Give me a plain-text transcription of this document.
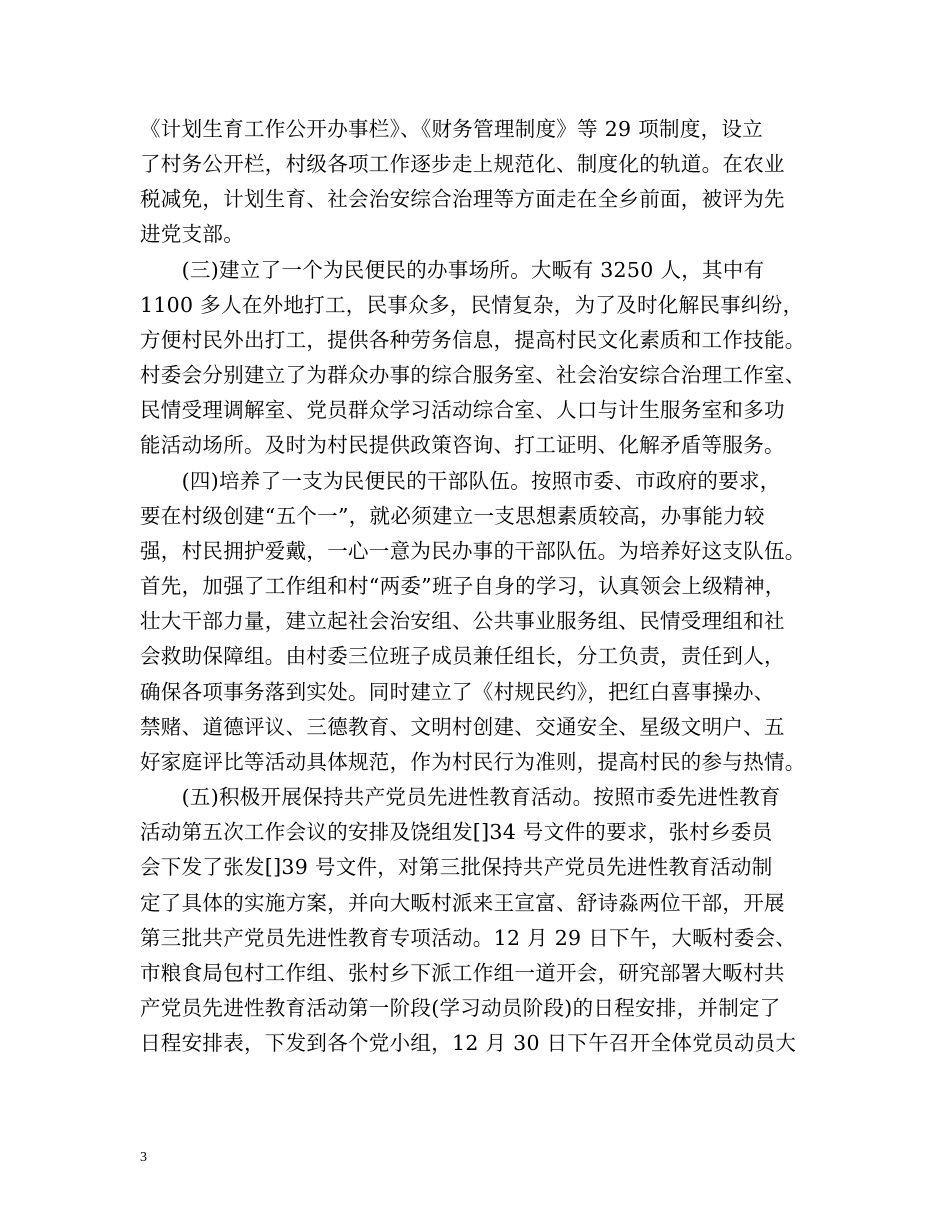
《计划生育工作公开办事栏》、《财务管理制度》等 29 项制度，设立
了村务公开栏，村级各项工作逐步走上规范化、制度化的轨道。在农业
税减免，计划生育、社会治安综合治理等方面走在全乡前面，被评为先
进党支部。
　　(三)建立了一个为民便民的办事场所。大畈有 3250 人，其中有
1100 多人在外地打工，民事众多，民情复杂，为了及时化解民事纠纷，
方便村民外出打工，提供各种劳务信息，提高村民文化素质和工作技能。
村委会分别建立了为群众办事的综合服务室、社会治安综合治理工作室、
民情受理调解室、党员群众学习活动综合室、人口与计生服务室和多功
能活动场所。及时为村民提供政策咨询、打工证明、化解矛盾等服务。
　　(四)培养了一支为民便民的干部队伍。按照市委、市政府的要求，
要在村级创建“五个一”，就必须建立一支思想素质较高，办事能力较
强，村民拥护爱戴，一心一意为民办事的干部队伍。为培养好这支队伍。
首先，加强了工作组和村“两委”班子自身的学习，认真领会上级精神，
壮大干部力量，建立起社会治安组、公共事业服务组、民情受理组和社
会救助保障组。由村委三位班子成员兼任组长，分工负责，责任到人，
确保各项事务落到实处。同时建立了《村规民约》，把红白喜事操办、
禁赌、道德评议、三德教育、文明村创建、交通安全、星级文明户、五
好家庭评比等活动具体规范，作为村民行为准则，提高村民的参与热情。
　　(五)积极开展保持共产党员先进性教育活动。按照市委先进性教育
活动第五次工作会议的安排及饶组发[]34 号文件的要求，张村乡委员
会下发了张发[]39 号文件，对第三批保持共产党员先进性教育活动制
定了具体的实施方案，并向大畈村派来王宣富、舒诗淼两位干部，开展
第三批共产党员先进性教育专项活动。12 月 29 日下午，大畈村委会、
市粮食局包村工作组、张村乡下派工作组一道开会，研究部署大畈村共
产党员先进性教育活动第一阶段(学习动员阶段)的日程安排，并制定了
日程安排表，下发到各个党小组，12 月 30 日下午召开全体党员动员大
3
